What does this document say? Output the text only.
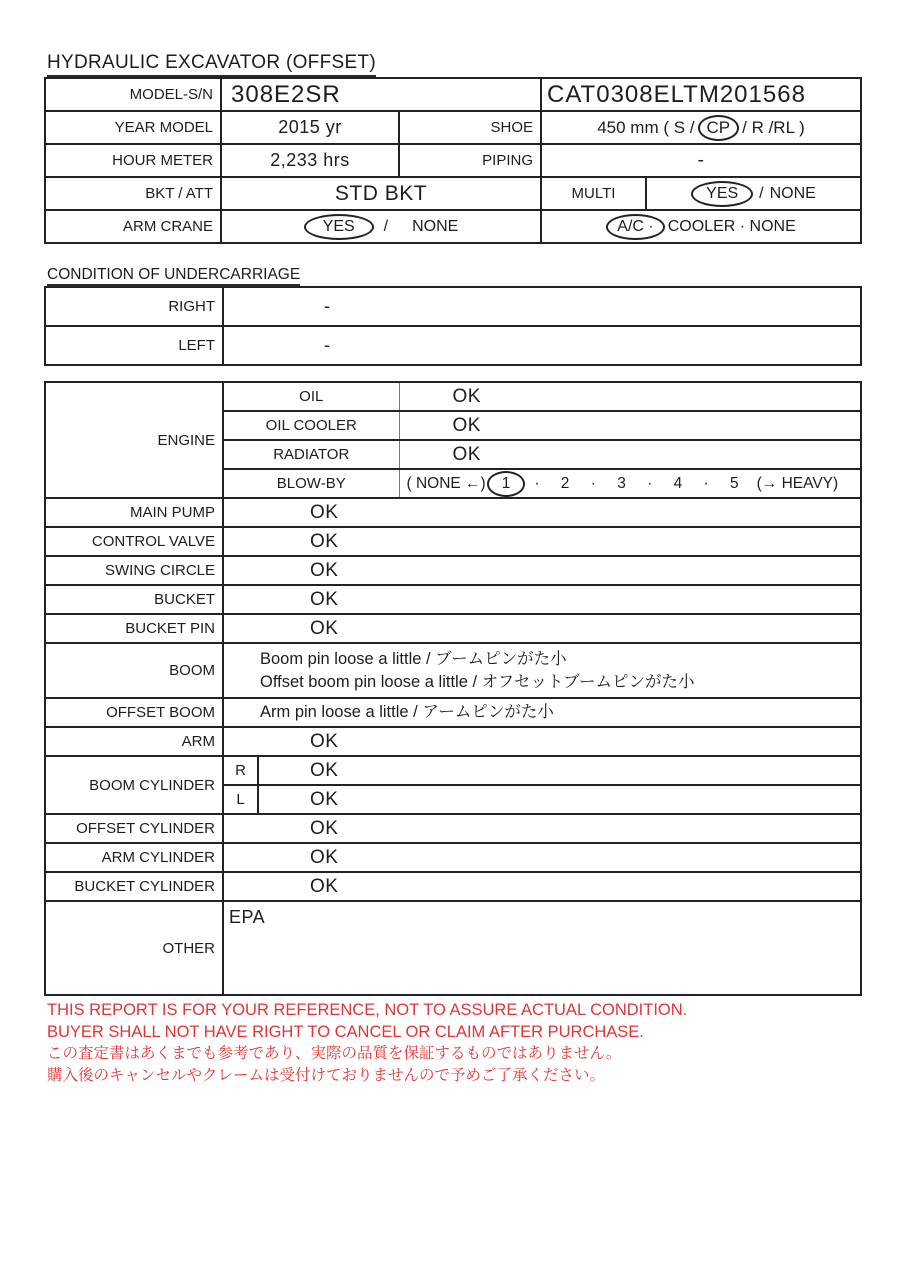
HYDRAULIC EXCAVATOR (OFFSET)
MODEL-S/N	308E2SR		CAT0308ELTM201568	
YEAR MODEL	2015 yr	SHOE	450 mm ( S / CP / R /RL )	

HOUR METER	2,233 hrs	PIPING	-	
BKT / ATT	STD BKT		MULTI	YES / NONE

ARM CRANE	YES / NONE		A/C · COOLER · NONE	
CONDITION OF UNDERCARRIAGE
RIGHT	-
LEFT	-
ENGINE	OIL		OK
	OIL COOLER		OK
	RADIATOR		OK
	BLOW-BY		( NONE ←) 1 · 2 · 3 · 4 · 5 (→ HEAVY)

MAIN PUMP	OK		
CONTROL VALVE	OK		
SWING CIRCLE	OK		
BUCKET	OK		
BUCKET PIN	OK		
BOOM	Boom pin loose a little / ブームピンがた小
Offset boom pin loose a little / オフセットブームピンがた小		

OFFSET BOOM	Arm pin loose a little / アームピンがた小		
ARM	OK		
BOOM CYLINDER	R	OK	
	L	OK	
OFFSET CYLINDER	OK		
ARM CYLINDER	OK		
BUCKET CYLINDER	OK		
OTHER	EPA		

THIS REPORT IS FOR YOUR REFERENCE, NOT TO ASSURE ACTUAL CONDITION.

BUYER SHALL NOT HAVE RIGHT TO CANCEL OR CLAIM AFTER PURCHASE.

この査定書はあくまでも参考であり、実際の品質を保証するものではありません。

購入後のキャンセルやクレームは受付けておりませんので予めご了承ください。
